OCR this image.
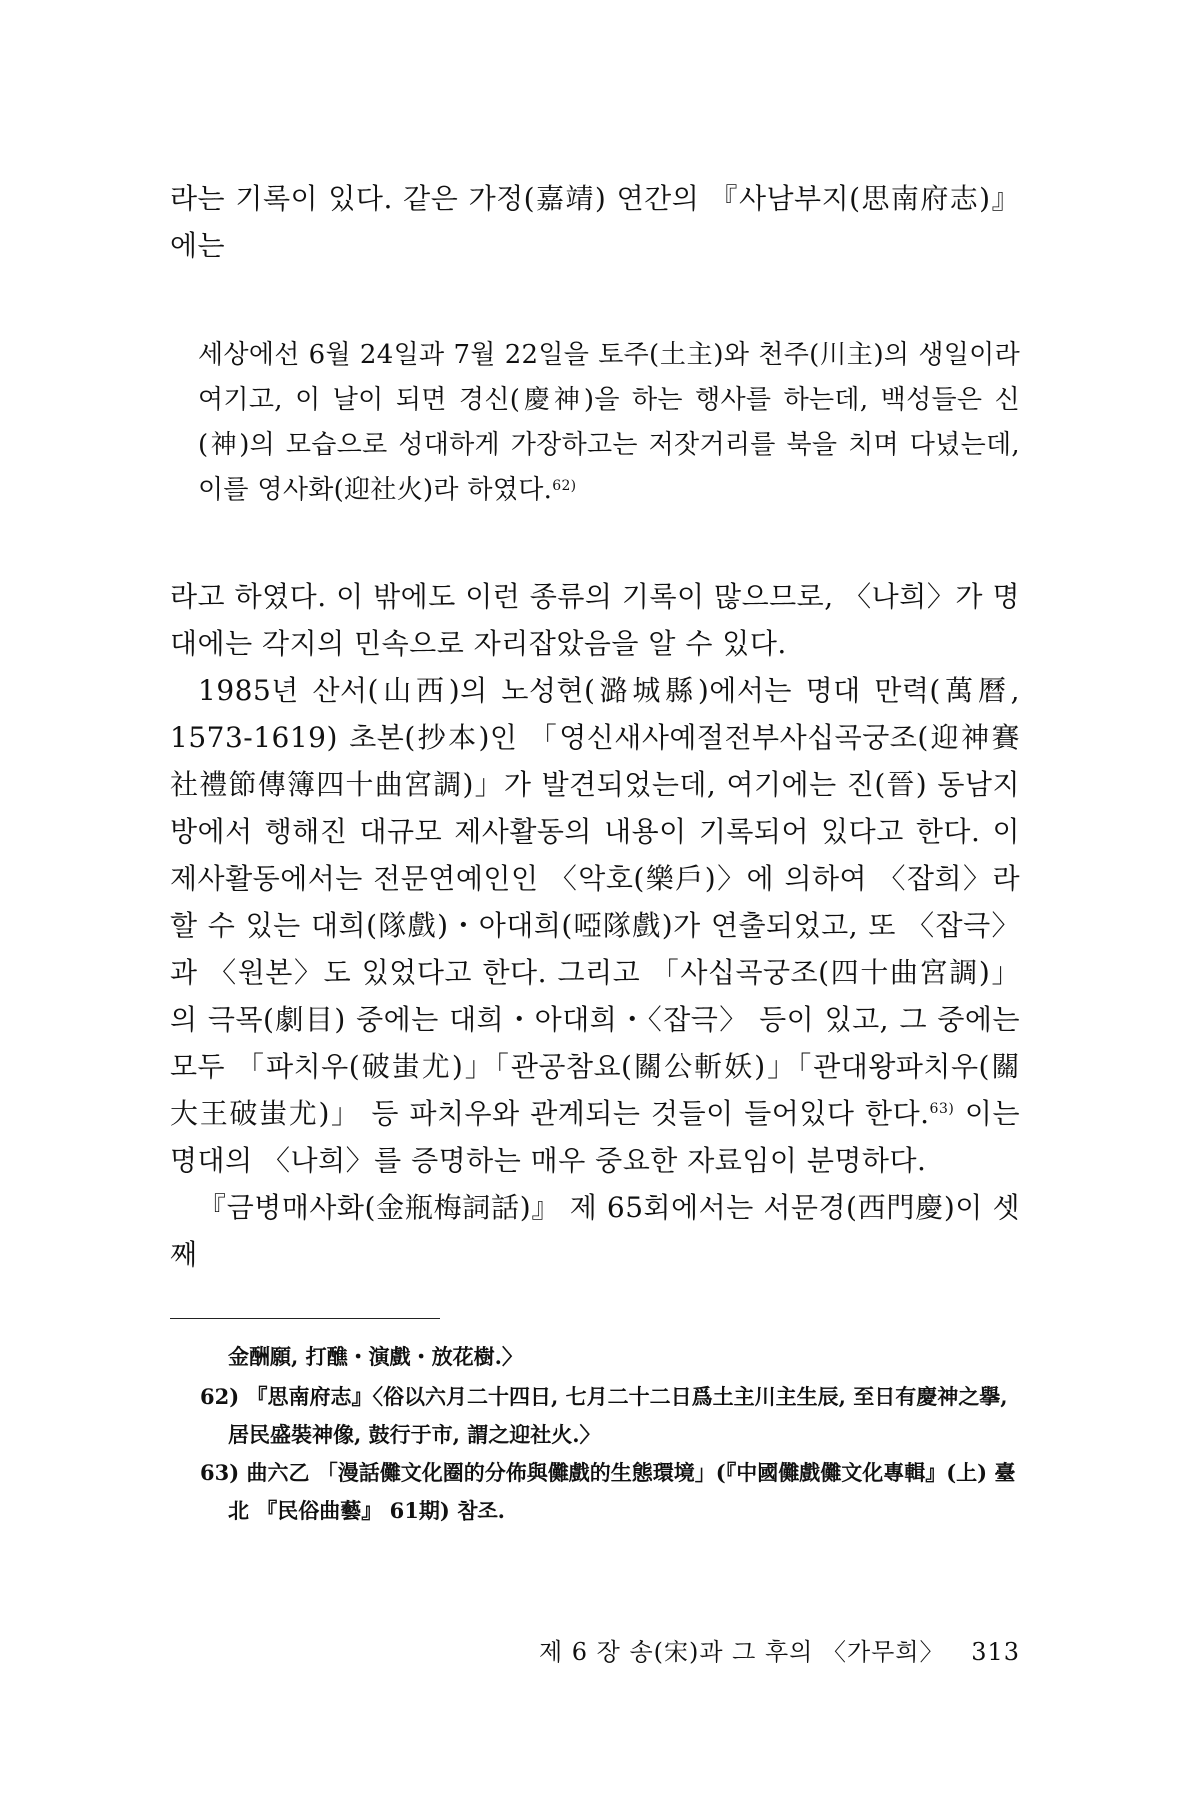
라는 기록이 있다. 같은 가정(嘉靖) 연간의 『사남부지(思南府志)』에는

세상에선 6월 24일과 7월 22일을 토주(土主)와 천주(川主)의 생일이라 여기고, 이 날이 되면 경신(慶神)을 하는 행사를 하는데, 백성들은 신(神)의 모습으로 성대하게 가장하고는 저잣거리를 북을 치며 다녔는데, 이를 영사화(迎社火)라 하였다.$^{62)}$

라고 하였다. 이 밖에도 이런 종류의 기록이 많으므로, 〈나희〉가 명대에는 각지의 민속으로 자리잡았음을 알 수 있다.

1985년 산서(山西)의 노성현(潞城縣)에서는 명대 만력(萬曆, 1573-1619) 초본(抄本)인 「영신새사예절전부사십곡궁조(迎神賽社禮節傳簿四十曲宮調)」가 발견되었는데, 여기에는 진(晉) 동남지방에서 행해진 대규모 제사활동의 내용이 기록되어 있다고 한다. 이 제사활동에서는 전문연예인인 〈악호(樂戶)〉에 의하여 〈잡희〉라 할 수 있는 대희(隊戲)・아대희(啞隊戲)가 연출되었고, 또 〈잡극〉과 〈원본〉도 있었다고 한다. 그리고 「사십곡궁조(四十曲宮調)」의 극목(劇目) 중에는 대희・아대희・〈잡극〉 등이 있고, 그 중에는 모두 「파치우(破蚩尤)」「관공참요(關公斬妖)」「관대왕파치우(關大王破蚩尤)」 등 파치우와 관계되는 것들이 들어있다 한다.$^{63)}$ 이는 명대의 〈나희〉를 증명하는 매우 중요한 자료임이 분명하다.

『금병매사화(金瓶梅詞話)』 제 65회에서는 서문경(西門慶)이 셋째

金酬願, 打醮・演戲・放花樹.〉

62) 『思南府志』〈俗以六月二十四日, 七月二十二日爲土主川主生辰, 至日有慶神之擧, 居民盛裝神像, 鼓行于市, 謂之迎社火.〉

63) 曲六乙 「漫話儺文化圈的分佈與儺戲的生態環境」(『中國儺戲儺文化專輯』(上) 臺北 『民俗曲藝』 61期) 참조.

제 6 장 송(宋)과 그 후의 〈가무희〉 313
